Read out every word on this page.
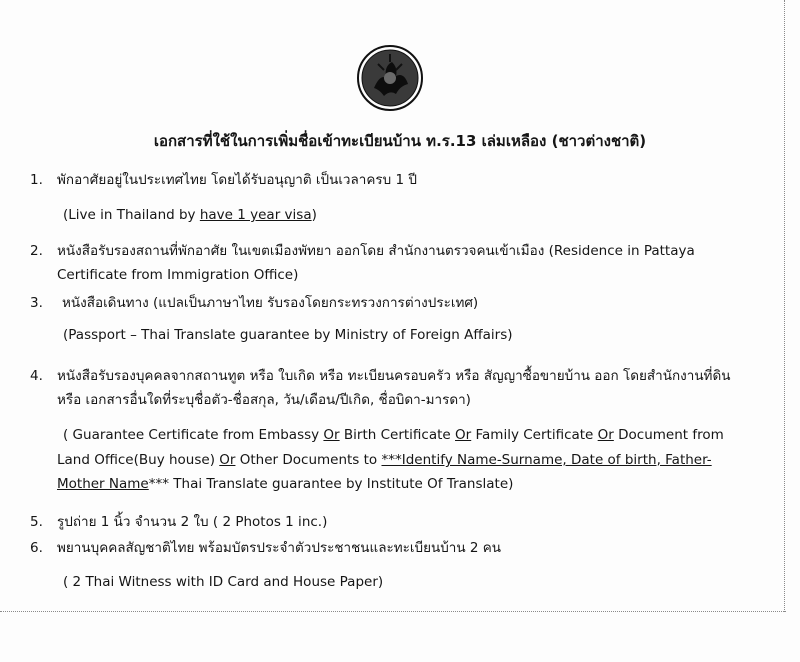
เอกสารที่ใช้ในการเพิ่มชื่อเข้าทะเบียนบ้าน ท.ร.13 เล่มเหลือง (ชาวต่างชาติ)
1. พักอาศัยอยู่ในประเทศไทย โดยได้รับอนุญาติ เป็นเวลาครบ 1 ปี
(Live in Thailand by have 1 year visa)
2. หนังสือรับรองสถานที่พักอาศัย ในเขตเมืองพัทยา ออกโดย สำนักงานตรวจคนเข้าเมือง (Residence in Pattaya
Certificate from Immigration Office)
3. หนังสือเดินทาง (แปลเป็นภาษาไทย รับรองโดยกระทรวงการต่างประเทศ)
(Passport – Thai Translate guarantee by Ministry of Foreign Affairs)
4. หนังสือรับรองบุคคลจากสถานทูต หรือ ใบเกิด หรือ ทะเบียนครอบครัว หรือ สัญญาซื้อขายบ้าน ออก โดยสำนักงานที่ดิน
หรือ เอกสารอื่นใดที่ระบุชื่อตัว-ชื่อสกุล, วัน/เดือน/ปีเกิด, ชื่อบิดา-มารดา)
( Guarantee Certificate from Embassy Or Birth Certificate Or Family Certificate Or Document from
Land Office(Buy house) Or Other Documents to ***Identify Name-Surname, Date of birth, Father-
Mother Name*** Thai Translate guarantee by Institute Of Translate)
5. รูปถ่าย 1 นิ้ว จำนวน 2 ใบ ( 2 Photos 1 inc.)
6. พยานบุคคลสัญชาติไทย พร้อมบัตรประจำตัวประชาชนและทะเบียนบ้าน 2 คน
( 2 Thai Witness with ID Card and House Paper)
